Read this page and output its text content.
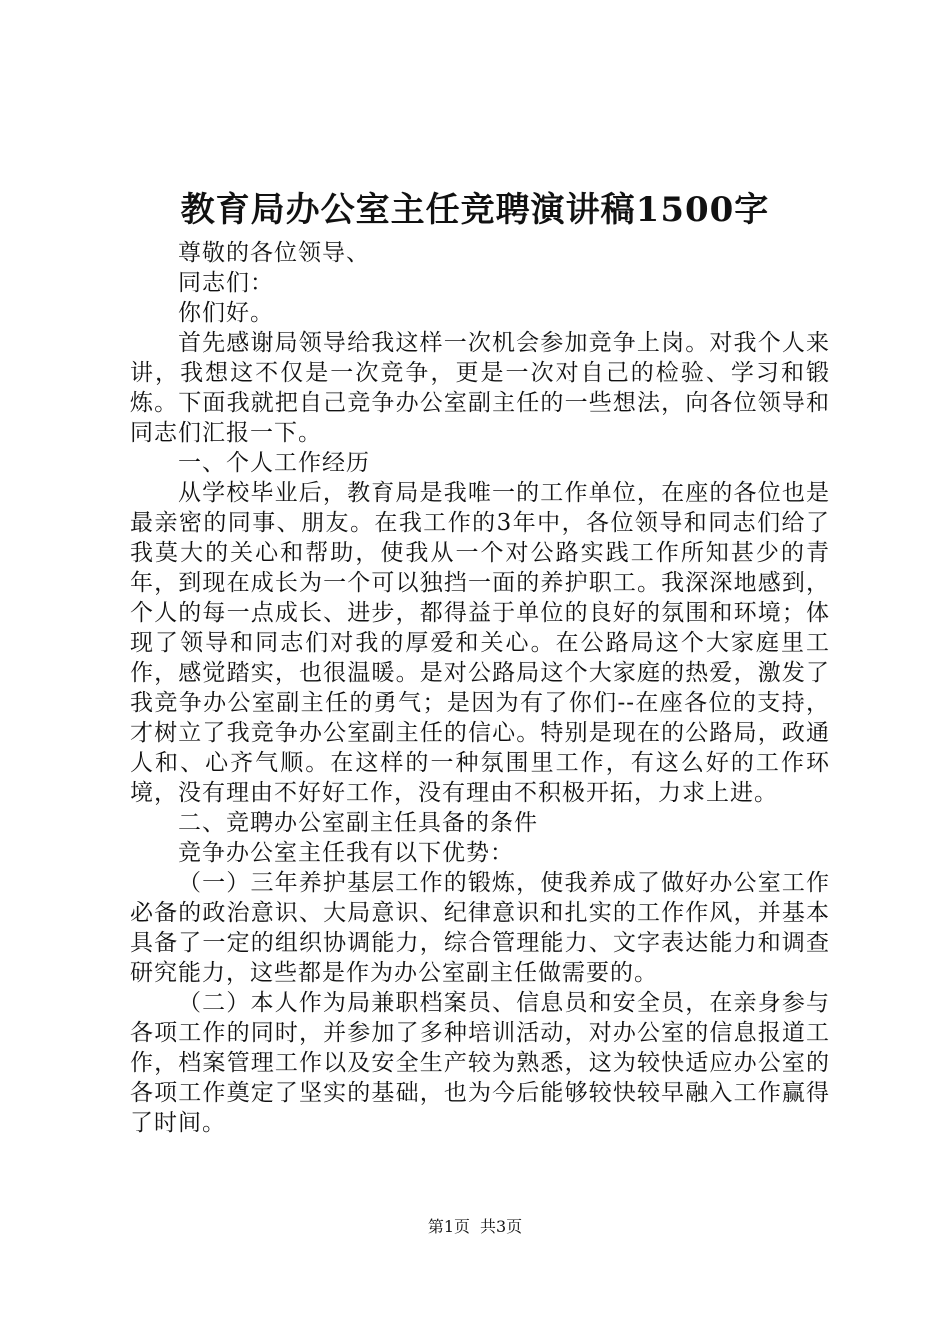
教育局办公室主任竞聘演讲稿1500字

尊敬的各位领导、

同志们：

你们好。

首先感谢局领导给我这样一次机会参加竞争上岗。对我个人来讲，我想这不仅是一次竞争，更是一次对自己的检验、学习和锻炼。下面我就把自己竞争办公室副主任的一些想法，向各位领导和同志们汇报一下。

一、个人工作经历

从学校毕业后，教育局是我唯一的工作单位，在座的各位也是最亲密的同事、朋友。在我工作的3年中，各位领导和同志们给了我莫大的关心和帮助，使我从一个对公路实践工作所知甚少的青年，到现在成长为一个可以独挡一面的养护职工。我深深地感到，个人的每一点成长、进步，都得益于单位的良好的氛围和环境；体现了领导和同志们对我的厚爱和关心。在公路局这个大家庭里工作，感觉踏实，也很温暖。是对公路局这个大家庭的热爱，激发了我竞争办公室副主任的勇气；是因为有了你们--在座各位的支持，才树立了我竞争办公室副主任的信心。特别是现在的公路局，政通人和、心齐气顺。在这样的一种氛围里工作，有这么好的工作环境，没有理由不好好工作，没有理由不积极开拓，力求上进。

二、竞聘办公室副主任具备的条件

竞争办公室主任我有以下优势：

（一）三年养护基层工作的锻炼，使我养成了做好办公室工作必备的政治意识、大局意识、纪律意识和扎实的工作作风，并基本具备了一定的组织协调能力，综合管理能力、文字表达能力和调查研究能力，这些都是作为办公室副主任做需要的。

（二）本人作为局兼职档案员、信息员和安全员，在亲身参与各项工作的同时，并参加了多种培训活动，对办公室的信息报道工作，档案管理工作以及安全生产较为熟悉，这为较快适应办公室的各项工作奠定了坚实的基础，也为今后能够较快较早融入工作赢得了时间。

第1页 共3页
